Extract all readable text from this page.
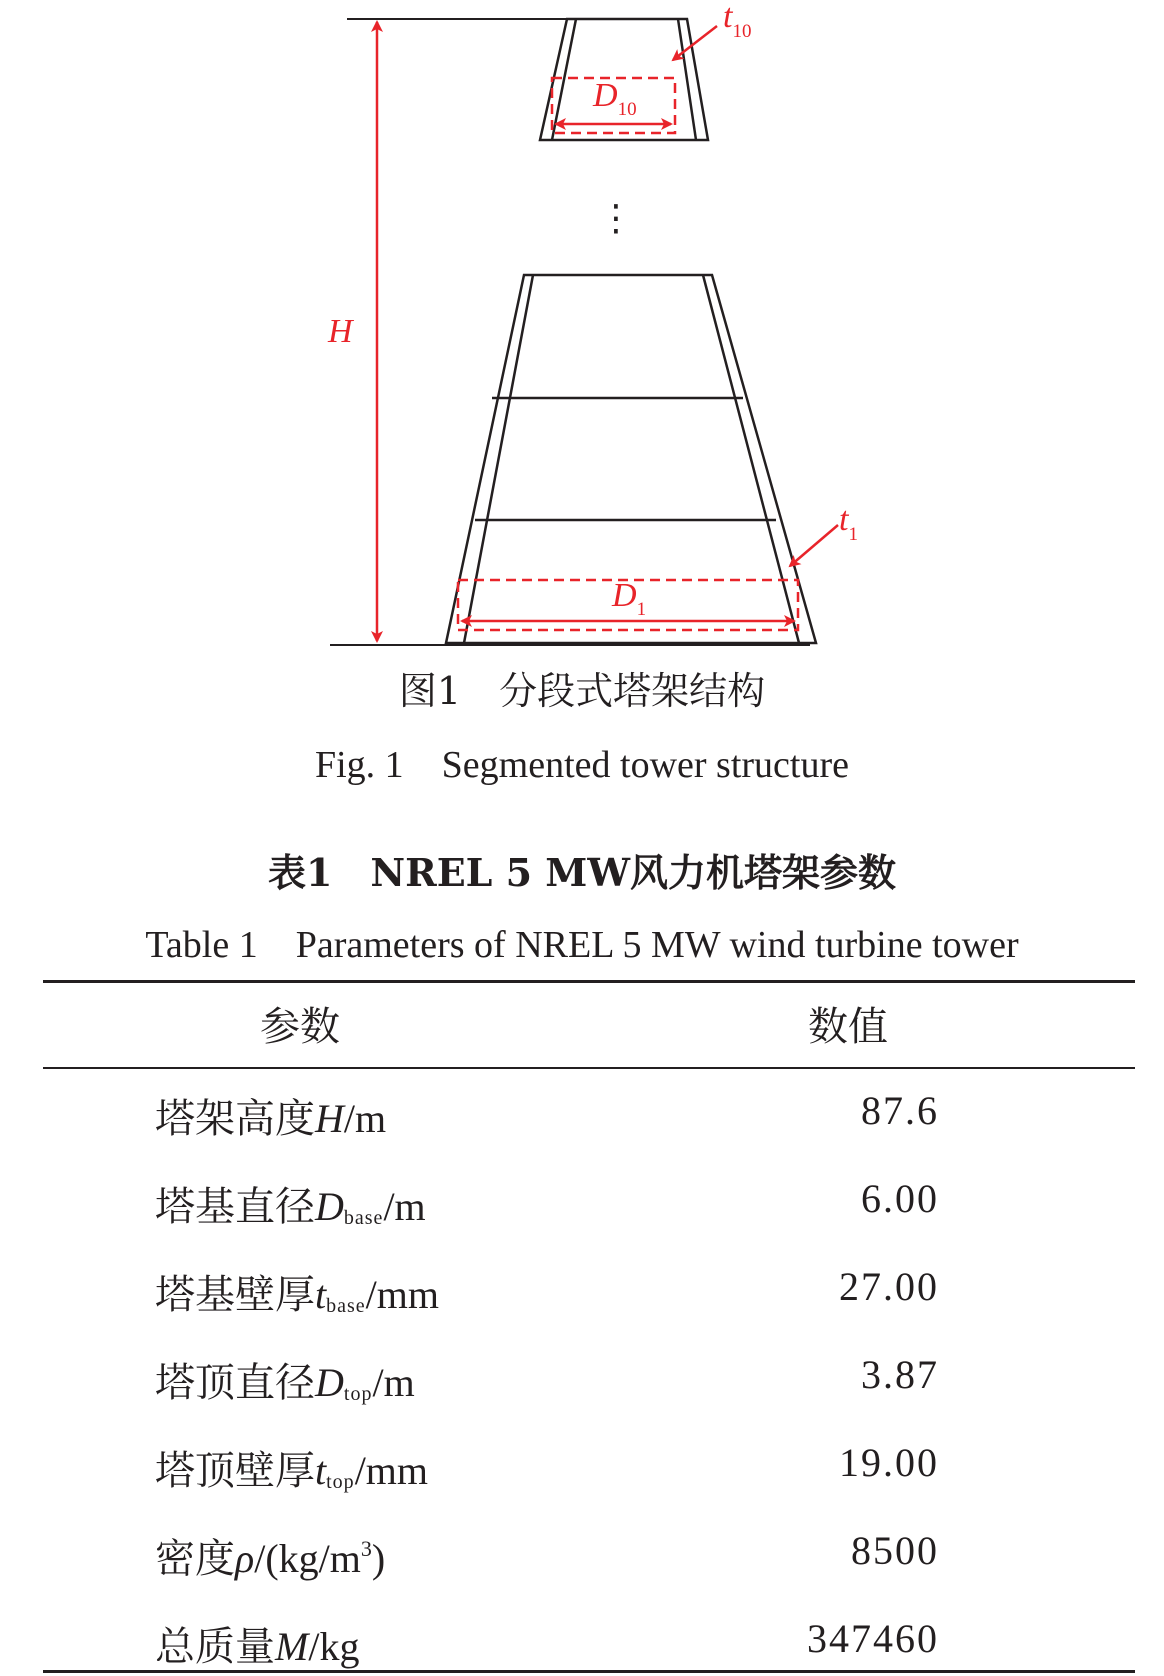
H
$D_{10}$
$t_{10}$
⋮
$D_1$
$t_1$
图1　分段式塔架结构
Fig. 1　Segmented tower structure
表1　NREL 5 MW风力机塔架参数
Table 1　Parameters of NREL 5 MW wind turbine tower
参数	数值
塔架高度H/m	87.6
塔基直径Dbase/m	6.00
塔基壁厚tbase/mm	27.00
塔顶直径Dtop/m	3.87
塔顶壁厚ttop/mm	19.00
密度$\rho/(kg/m^3)$	8500
总质量M/kg	347460
